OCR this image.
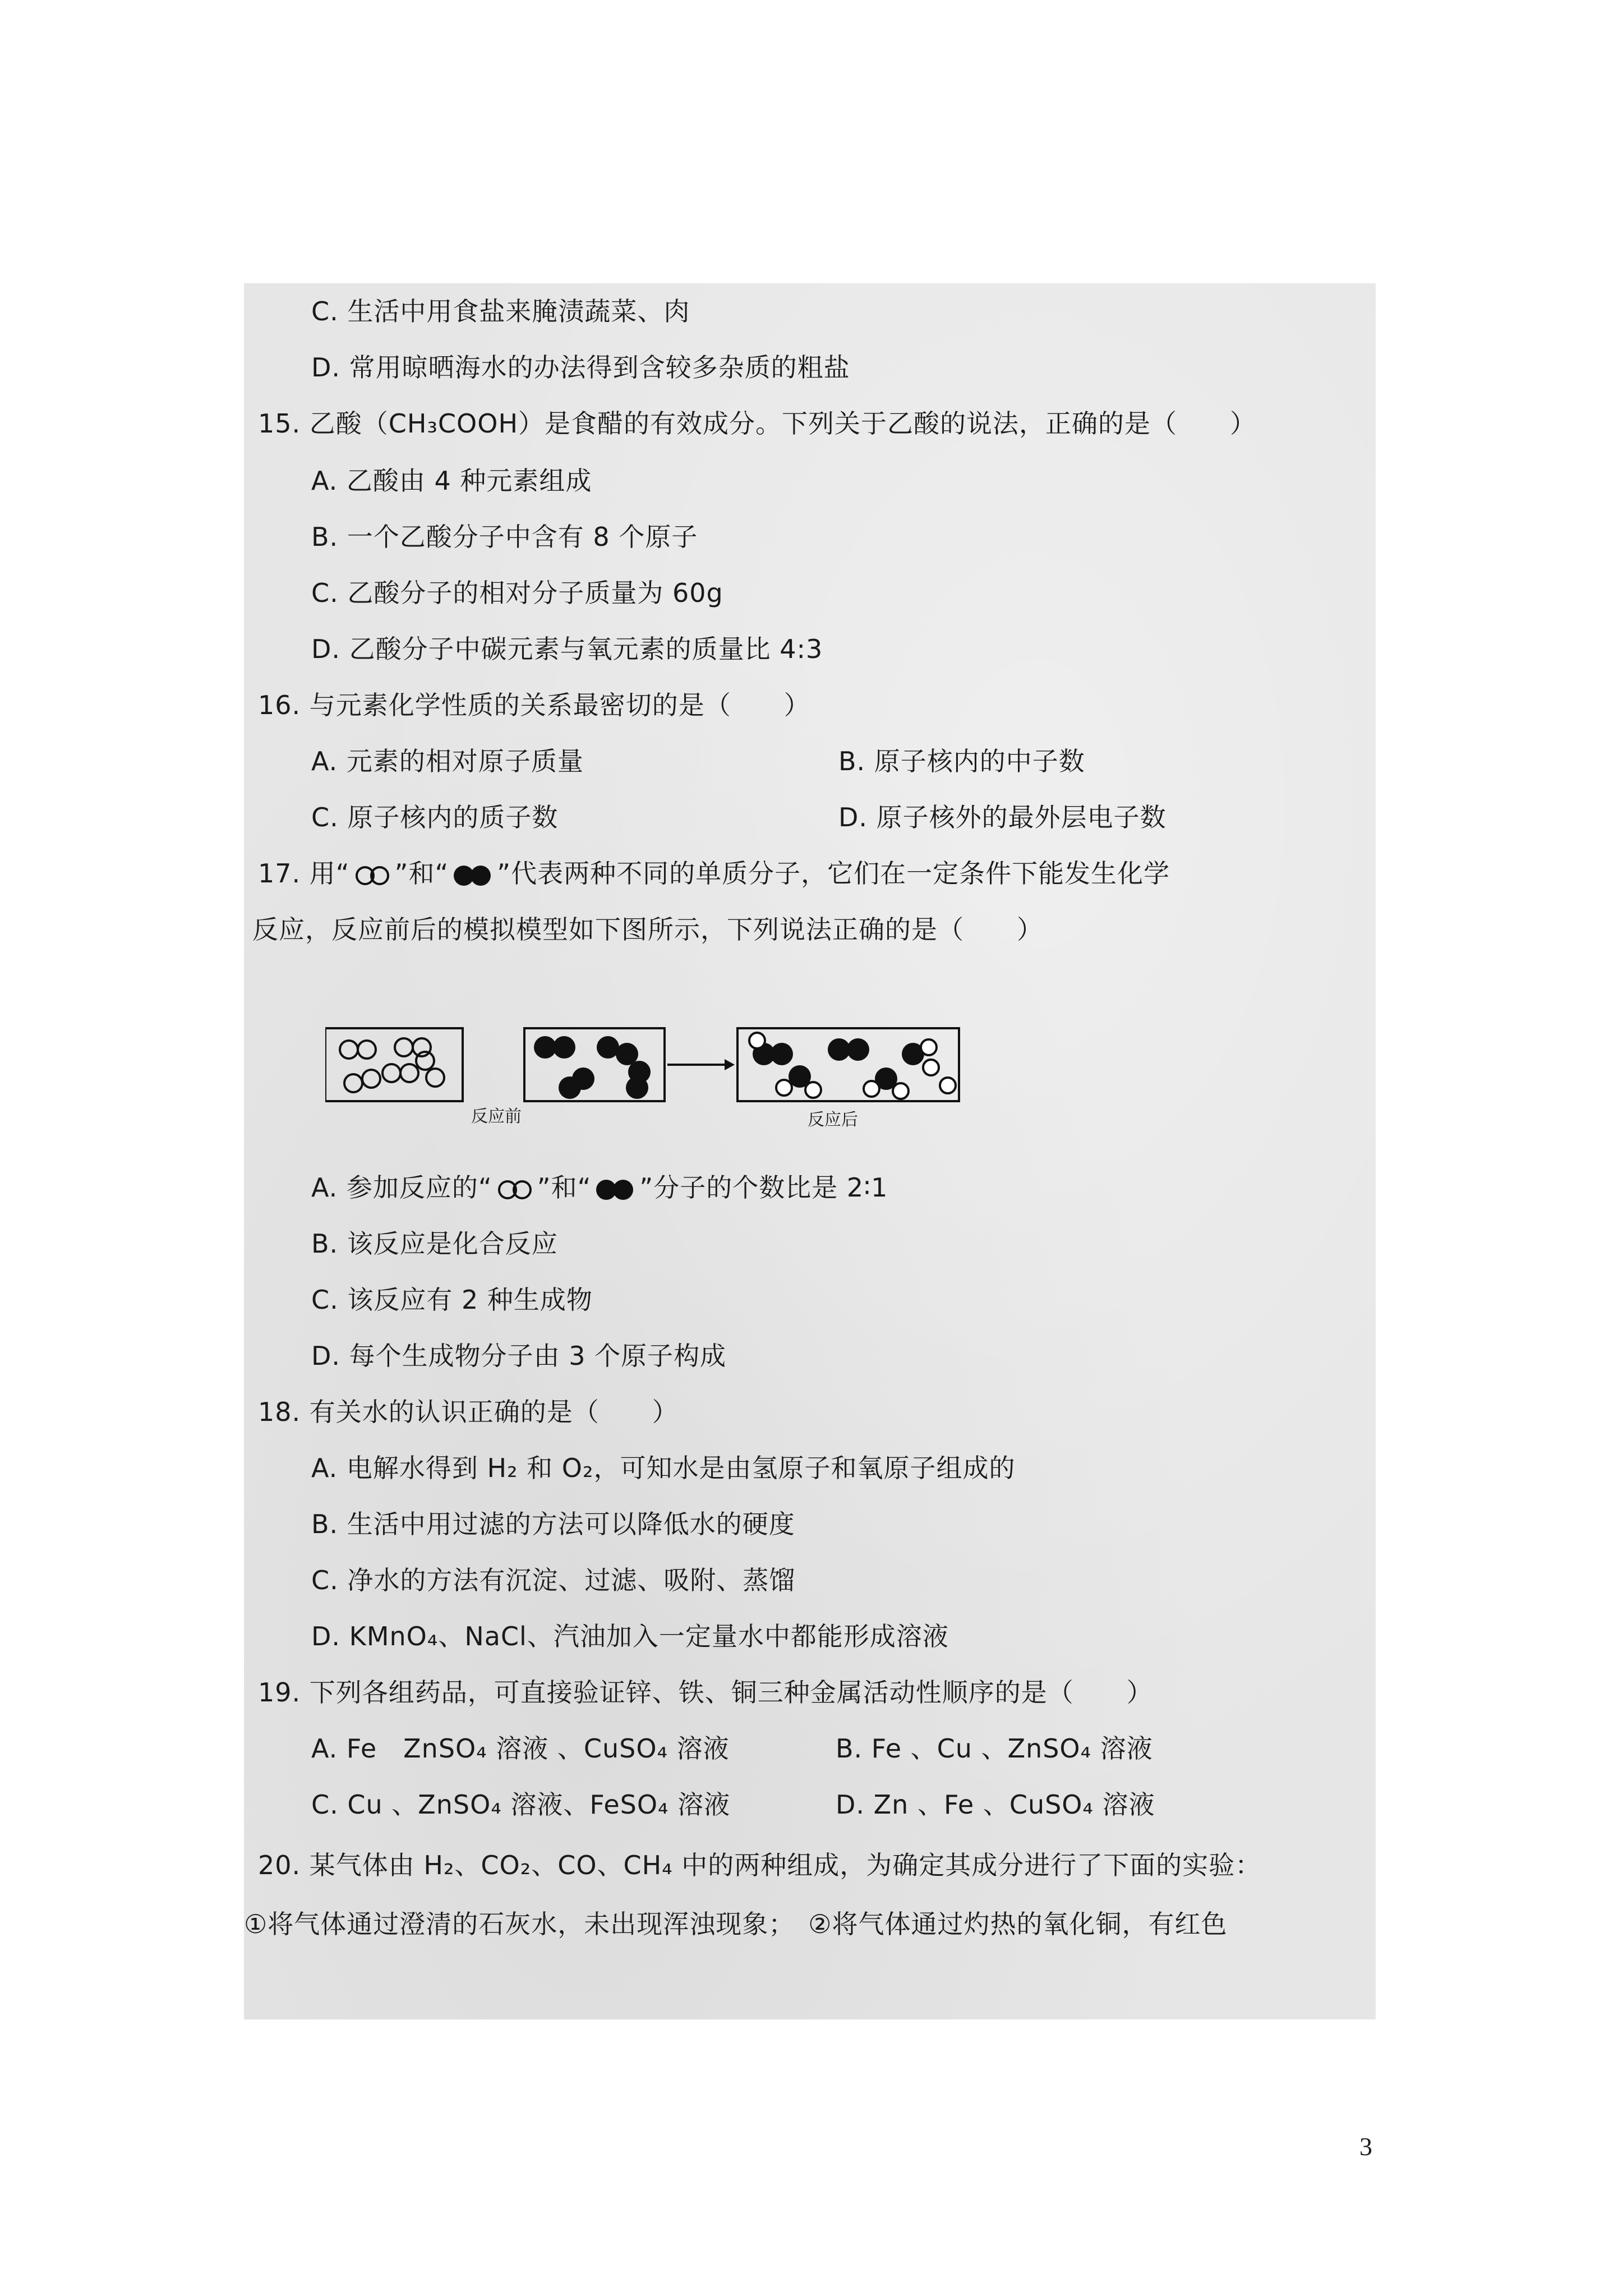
C. 生活中用食盐来腌渍蔬菜、肉
D. 常用晾晒海水的办法得到含较多杂质的粗盐
15. 乙酸（CH₃COOH）是食醋的有效成分。下列关于乙酸的说法，正确的是（　　）
A. 乙酸由 4 种元素组成
B. 一个乙酸分子中含有 8 个原子
C. 乙酸分子的相对分子质量为 60g
D. 乙酸分子中碳元素与氧元素的质量比 4:3
16. 与元素化学性质的关系最密切的是（　　）
A. 元素的相对原子质量	B. 原子核内的中子数
C. 原子核内的质子数	D. 原子核外的最外层电子数
17. 用“ ”和“ ”代表两种不同的单质分子，它们在一定条件下能发生化学
反应，反应前后的模拟模型如下图所示，下列说法正确的是（　　）
反应前	反应后
A. 参加反应的“ ”和“ ”分子的个数比是 2∶1
B. 该反应是化合反应
C. 该反应有 2 种生成物
D. 每个生成物分子由 3 个原子构成
18. 有关水的认识正确的是（　　）
A. 电解水得到 H₂ 和 O₂，可知水是由氢原子和氧原子组成的
B. 生活中用过滤的方法可以降低水的硬度
C. 净水的方法有沉淀、过滤、吸附、蒸馏
D. KMnO₄、NaCl、汽油加入一定量水中都能形成溶液
19. 下列各组药品，可直接验证锌、铁、铜三种金属活动性顺序的是（　　）
A. Fe　ZnSO₄ 溶液 、CuSO₄ 溶液	B. Fe 、Cu 、ZnSO₄ 溶液
C. Cu 、ZnSO₄ 溶液、FeSO₄ 溶液	D. Zn 、Fe 、CuSO₄ 溶液
20. 某气体由 H₂、CO₂、CO、CH₄ 中的两种组成，为确定其成分进行了下面的实验：
①将气体通过澄清的石灰水，未出现浑浊现象；　②将气体通过灼热的氧化铜，有红色
3
